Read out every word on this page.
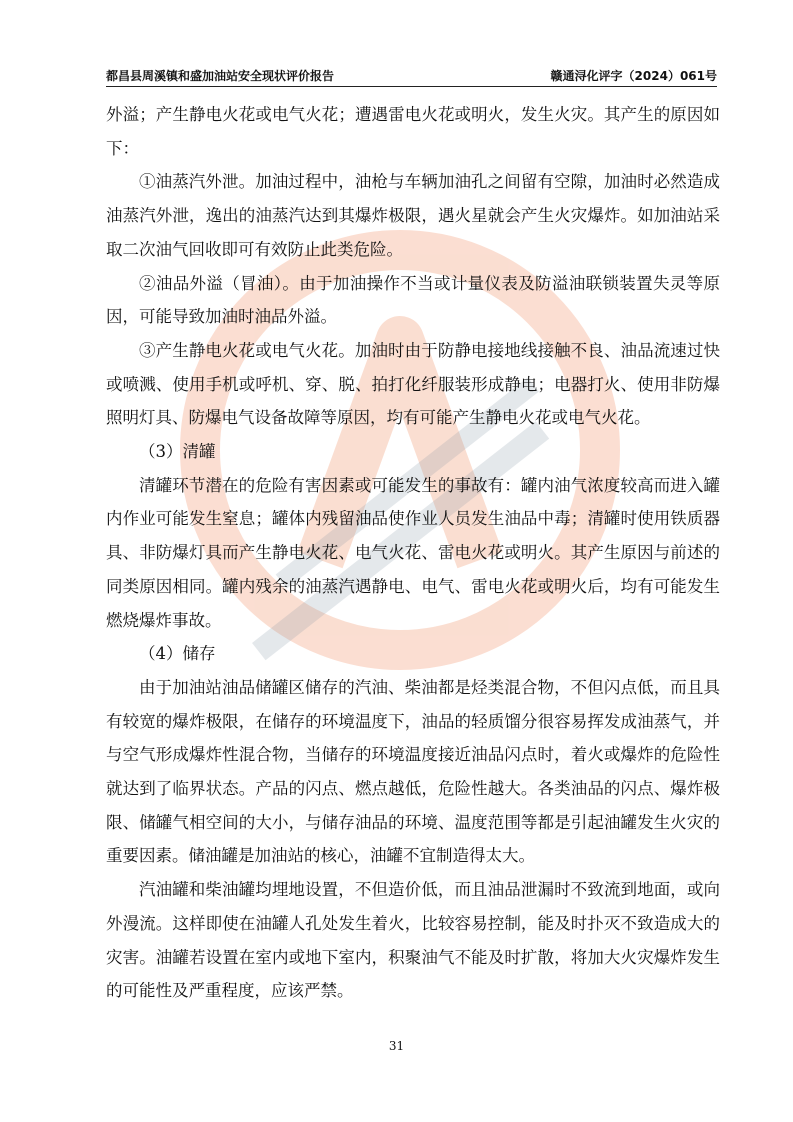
都昌县周溪镇和盛加油站安全现状评价报告	赣通浔化评字（2024）061号

外溢；产生静电火花或电气火花；遭遇雷电火花或明火，发生火灾。其产生的原因如下：

①油蒸汽外泄。加油过程中，油枪与车辆加油孔之间留有空隙，加油时必然造成油蒸汽外泄，逸出的油蒸汽达到其爆炸极限，遇火星就会产生火灾爆炸。如加油站采取二次油气回收即可有效防止此类危险。

②油品外溢（冒油）。由于加油操作不当或计量仪表及防溢油联锁装置失灵等原因，可能导致加油时油品外溢。

③产生静电火花或电气火花。加油时由于防静电接地线接触不良、油品流速过快或喷溅、使用手机或呼机、穿、脱、拍打化纤服装形成静电；电器打火、使用非防爆照明灯具、防爆电气设备故障等原因，均有可能产生静电火花或电气火花。

（3）清罐

清罐环节潜在的危险有害因素或可能发生的事故有：罐内油气浓度较高而进入罐内作业可能发生窒息；罐体内残留油品使作业人员发生油品中毒；清罐时使用铁质器具、非防爆灯具而产生静电火花、电气火花、雷电火花或明火。其产生原因与前述的同类原因相同。罐内残余的油蒸汽遇静电、电气、雷电火花或明火后，均有可能发生燃烧爆炸事故。

（4）储存

由于加油站油品储罐区储存的汽油、柴油都是烃类混合物，不但闪点低，而且具有较宽的爆炸极限，在储存的环境温度下，油品的轻质馏分很容易挥发成油蒸气，并与空气形成爆炸性混合物，当储存的环境温度接近油品闪点时，着火或爆炸的危险性就达到了临界状态。产品的闪点、燃点越低，危险性越大。各类油品的闪点、爆炸极限、储罐气相空间的大小，与储存油品的环境、温度范围等都是引起油罐发生火灾的重要因素。储油罐是加油站的核心，油罐不宜制造得太大。

汽油罐和柴油罐均埋地设置，不但造价低，而且油品泄漏时不致流到地面，或向外漫流。这样即使在油罐人孔处发生着火，比较容易控制，能及时扑灭不致造成大的灾害。油罐若设置在室内或地下室内，积聚油气不能及时扩散，将加大火灾爆炸发生的可能性及严重程度，应该严禁。

31
